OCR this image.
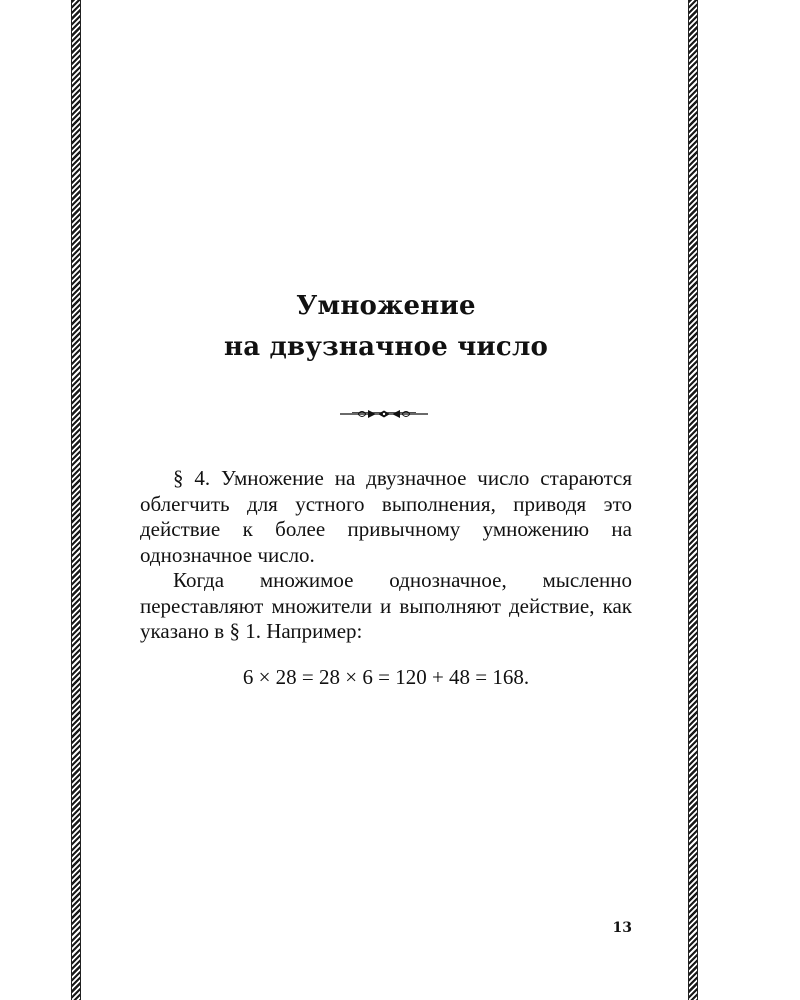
Умножение
на двузначное число

§ 4. Умножение на двузначное число стараются облегчить для устного выполнения, приводя это действие к более привычному умножению на однозначное число.

Когда множимое однозначное, мысленно переставляют множители и выполняют действие, как указано в § 1. Например:

6 × 28 = 28 × 6 = 120 + 48 = 168.
13
